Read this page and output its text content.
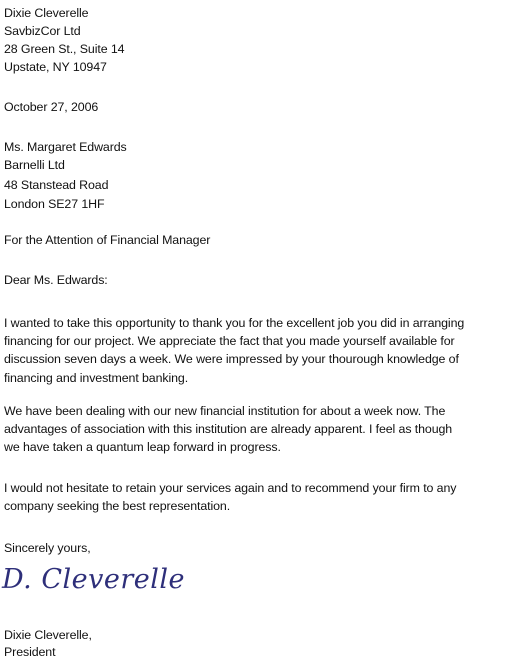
Dixie Cleverelle
SavbizCor Ltd
28 Green St., Suite 14
Upstate, NY 10947
October 27, 2006
Ms. Margaret Edwards
Barnelli Ltd
48 Stanstead Road
London SE27 1HF
For the Attention of Financial Manager
Dear Ms. Edwards:
I wanted to take this opportunity to thank you for the excellent job you did in arranging
financing for our project. We appreciate the fact that you made yourself available for
discussion seven days a week. We were impressed by your thourough knowledge of
financing and investment banking.
We have been dealing with our new financial institution for about a week now. The
advantages of association with this institution are already apparent. I feel as though
we have taken a quantum leap forward in progress.
I would not hesitate to retain your services again and to recommend your firm to any
company seeking the best representation.
Sincerely yours,
D. Cleverelle
Dixie Cleverelle,
President
